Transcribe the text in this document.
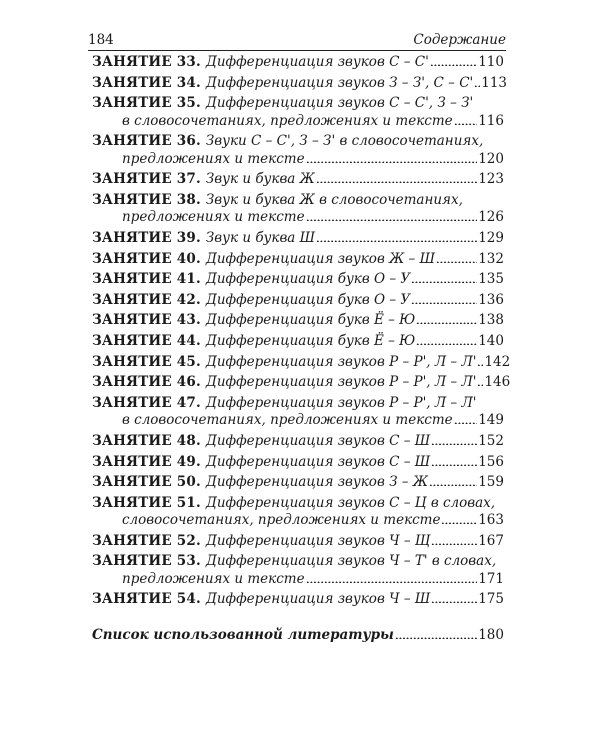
184	Содержание
ЗАНЯТИЕ 33. Дифференциация звуков С – С'	110
ЗАНЯТИЕ 34. Дифференциация звуков З – З', С – С' 113
ЗАНЯТИЕ 35. Дифференциация звуков С – С', З – З'
в словосочетаниях, предложениях и тексте 116
ЗАНЯТИЕ 36. Звуки С – С', З – З' в словосочетаниях,
предложениях и тексте	120
ЗАНЯТИЕ 37. Звук и буква Ж	123
ЗАНЯТИЕ 38. Звук и буква Ж в словосочетаниях,
предложениях и тексте	126
ЗАНЯТИЕ 39. Звук и буква Ш	129
ЗАНЯТИЕ 40. Дифференциация звуков Ж – Ш	132
ЗАНЯТИЕ 41. Дифференциация букв О – У	135
ЗАНЯТИЕ 42. Дифференциация букв О – У	136
ЗАНЯТИЕ 43. Дифференциация букв Ё – Ю	138
ЗАНЯТИЕ 44. Дифференциация букв Ё – Ю	140
ЗАНЯТИЕ 45. Дифференциация звуков Р – Р', Л – Л' 142
ЗАНЯТИЕ 46. Дифференциация звуков Р – Р', Л – Л' 146
ЗАНЯТИЕ 47. Дифференциация звуков Р – Р', Л – Л'
в словосочетаниях, предложениях и тексте 149
ЗАНЯТИЕ 48. Дифференциация звуков С – Ш	152
ЗАНЯТИЕ 49. Дифференциация звуков С – Ш	156
ЗАНЯТИЕ 50. Дифференциация звуков З – Ж	159
ЗАНЯТИЕ 51. Дифференциация звуков С – Ц в словах,
словосочетаниях, предложениях и тексте	163
ЗАНЯТИЕ 52. Дифференциация звуков Ч – Щ	167
ЗАНЯТИЕ 53. Дифференциация звуков Ч – Т' в словах,
предложениях и тексте	171
ЗАНЯТИЕ 54. Дифференциация звуков Ч – Ш	175
Список использованной литературы	180
